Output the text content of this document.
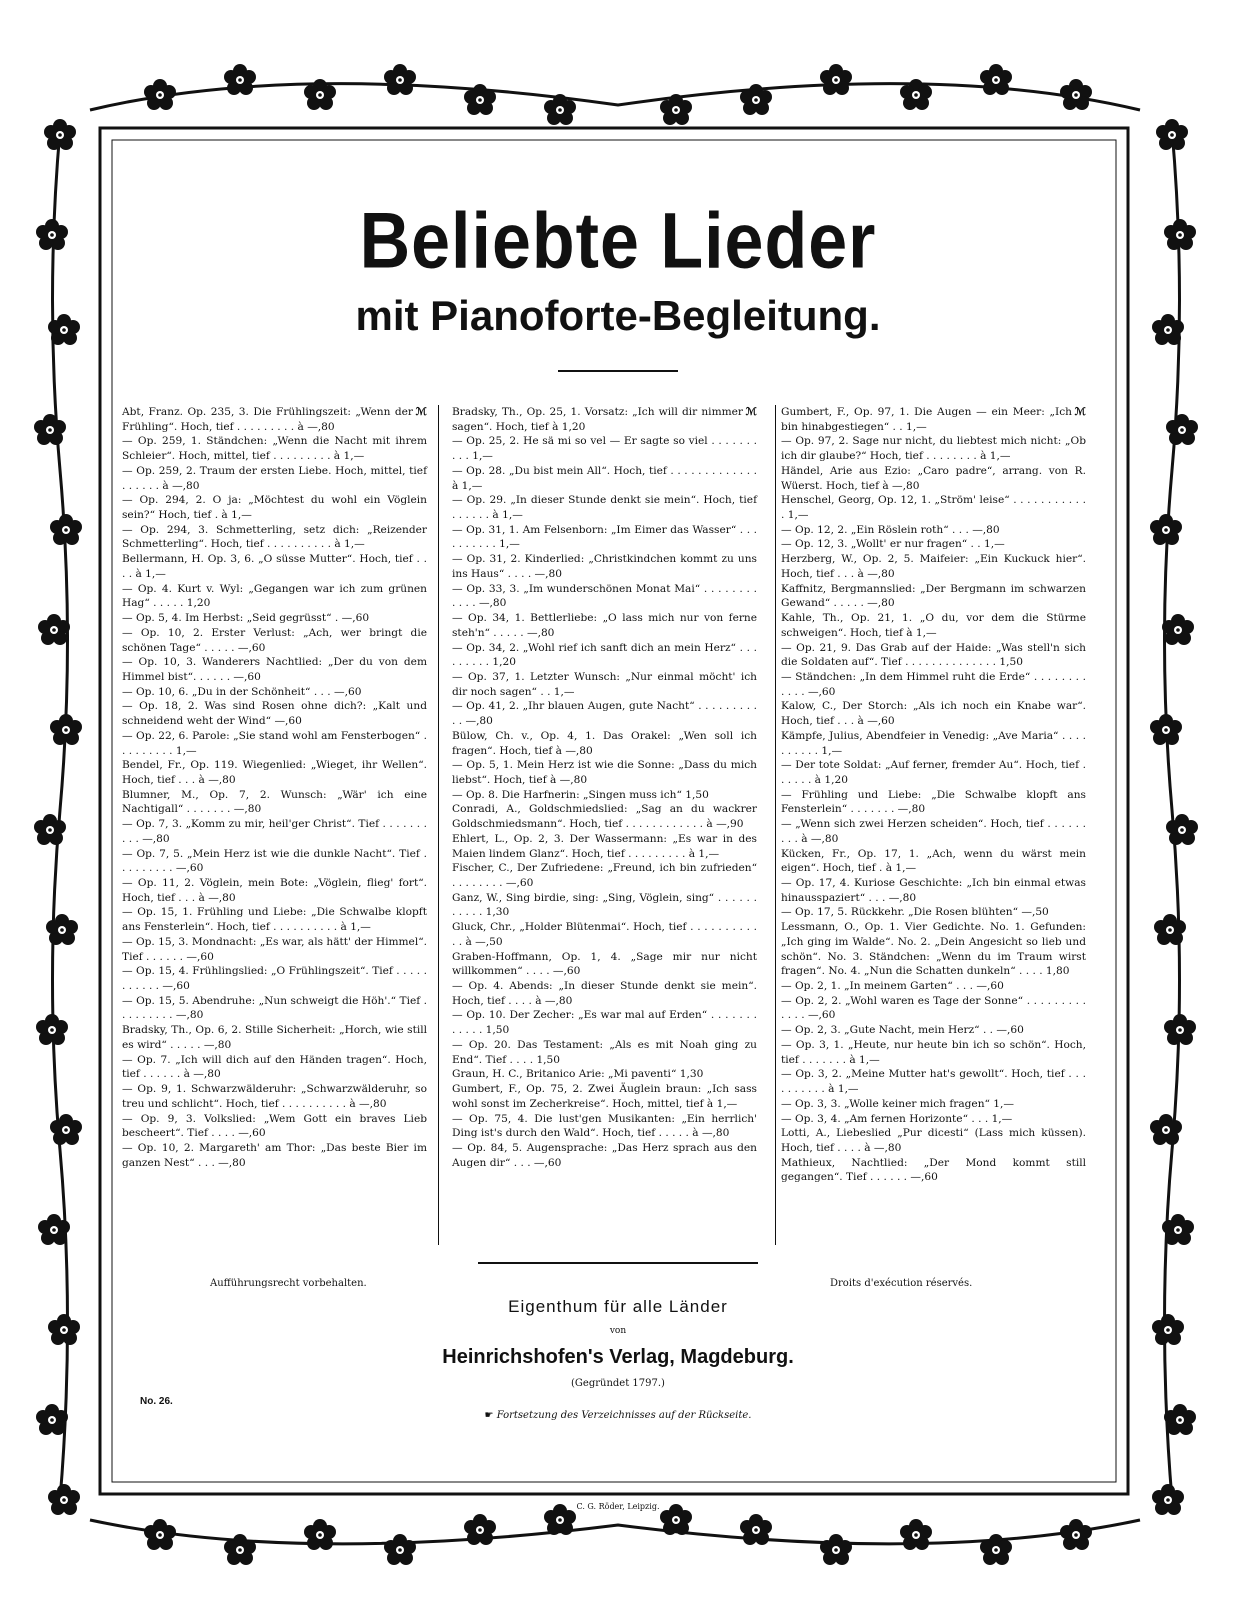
Beliebte Lieder
mit Pianoforte-Begleitung.
ℳ
Abt, Franz. Op. 235, 3. Die Frühlingszeit: „Wenn der Frühling“. Hoch, tief . . . . . . . . . à —,80
— Op. 259, 1. Ständchen: „Wenn die Nacht mit ihrem Schleier“. Hoch, mittel, tief . . . . . . . . . à 1,—
— Op. 259, 2. Traum der ersten Liebe. Hoch, mittel, tief . . . . . . à —,80
— Op. 294, 2. O ja: „Möchtest du wohl ein Vöglein sein?“ Hoch, tief . à 1,—
— Op. 294, 3. Schmetterling, setz dich: „Reizender Schmetterling“. Hoch, tief . . . . . . . . . . à 1,—
Bellermann, H. Op. 3, 6. „O süsse Mutter“. Hoch, tief . . . . à 1,—
— Op. 4. Kurt v. Wyl: „Gegangen war ich zum grünen Hag“ . . . . . 1,20
— Op. 5, 4. Im Herbst: „Seid gegrüsst“ . —,60
— Op. 10, 2. Erster Verlust: „Ach, wer bringt die schönen Tage“ . . . . . —,60
— Op. 10, 3. Wanderers Nachtlied: „Der du von dem Himmel bist“. . . . . . —,60
— Op. 10, 6. „Du in der Schönheit“ . . . —,60
— Op. 18, 2. Was sind Rosen ohne dich?: „Kalt und schneidend weht der Wind“ —,60
— Op. 22, 6. Parole: „Sie stand wohl am Fensterbogen“ . . . . . . . . . 1,—
Bendel, Fr., Op. 119. Wiegenlied: „Wieget, ihr Wellen“. Hoch, tief . . . à —,80
Blumner, M., Op. 7, 2. Wunsch: „Wär' ich eine Nachtigall“ . . . . . . . —,80
— Op. 7, 3. „Komm zu mir, heil'ger Christ“. Tief . . . . . . . . . . —,80
— Op. 7, 5. „Mein Herz ist wie die dunkle Nacht“. Tief . . . . . . . . . —,60
— Op. 11, 2. Vöglein, mein Bote: „Vöglein, flieg' fort“. Hoch, tief . . . à —,80
— Op. 15, 1. Frühling und Liebe: „Die Schwalbe klopft ans Fensterlein“. Hoch, tief . . . . . . . . . . à 1,—
— Op. 15, 3. Mondnacht: „Es war, als hätt' der Himmel“. Tief . . . . . . —,60
— Op. 15, 4. Frühlingslied: „O Frühlingszeit“. Tief . . . . . . . . . . . —,60
— Op. 15, 5. Abendruhe: „Nun schweigt die Höh'.“ Tief . . . . . . . . . —,80
Bradsky, Th., Op. 6, 2. Stille Sicherheit: „Horch, wie still es wird“ . . . . . —,80
— Op. 7. „Ich will dich auf den Händen tragen“. Hoch, tief . . . . . . à —,80
— Op. 9, 1. Schwarzwälderuhr: „Schwarzwälderuhr, so treu und schlicht“. Hoch, tief . . . . . . . . . . à —,80
— Op. 9, 3. Volkslied: „Wem Gott ein braves Lieb bescheert“. Tief . . . . —,60
— Op. 10, 2. Margareth' am Thor: „Das beste Bier im ganzen Nest“ . . . —,80
ℳ
Bradsky, Th., Op. 25, 1. Vorsatz: „Ich will dir nimmer sagen“. Hoch, tief à 1,20
— Op. 25, 2. He sä mi so vel — Er sagte so viel . . . . . . . . . . 1,—
— Op. 28. „Du bist mein All“. Hoch, tief . . . . . . . . . . . . . à 1,—
— Op. 29. „In dieser Stunde denkt sie mein“. Hoch, tief . . . . . . à 1,—
— Op. 31, 1. Am Felsenborn: „Im Eimer das Wasser“ . . . . . . . . . . 1,—
— Op. 31, 2. Kinderlied: „Christkindchen kommt zu uns ins Haus“ . . . . —,80
— Op. 33, 3. „Im wunderschönen Monat Mai“ . . . . . . . . . . . . —,80
— Op. 34, 1. Bettlerliebe: „O lass mich nur von ferne steh'n“ . . . . . —,80
— Op. 34, 2. „Wohl rief ich sanft dich an mein Herz“ . . . . . . . . . 1,20
— Op. 37, 1. Letzter Wunsch: „Nur einmal möcht' ich dir noch sagen“ . . 1,—
— Op. 41, 2. „Ihr blauen Augen, gute Nacht“ . . . . . . . . . . . —,80
Bülow, Ch. v., Op. 4, 1. Das Orakel: „Wen soll ich fragen“. Hoch, tief à —,80
— Op. 5, 1. Mein Herz ist wie die Sonne: „Dass du mich liebst“. Hoch, tief à —,80
— Op. 8. Die Harfnerin: „Singen muss ich“ 1,50
Conradi, A., Goldschmiedslied: „Sag an du wackrer Goldschmiedsmann“. Hoch, tief . . . . . . . . . . . . à —,90
Ehlert, L., Op. 2, 3. Der Wassermann: „Es war in des Maien lindem Glanz“. Hoch, tief . . . . . . . . . à 1,—
Fischer, C., Der Zufriedene: „Freund, ich bin zufrieden“ . . . . . . . . —,60
Ganz, W., Sing birdie, sing: „Sing, Vöglein, sing“ . . . . . . . . . . . 1,30
Gluck, Chr., „Holder Blütenmai“. Hoch, tief . . . . . . . . . . . . à —,50
Graben-Hoffmann, Op. 1, 4. „Sage mir nur nicht willkommen“ . . . . —,60
— Op. 4. Abends: „In dieser Stunde denkt sie mein“. Hoch, tief . . . . à —,80
— Op. 10. Der Zecher: „Es war mal auf Erden“ . . . . . . . . . . . . 1,50
— Op. 20. Das Testament: „Als es mit Noah ging zu End“. Tief . . . . 1,50
Graun, H. C., Britanico Arie: „Mi paventi“ 1,30
Gumbert, F., Op. 75, 2. Zwei Äuglein braun: „Ich sass wohl sonst im Zecherkreise“. Hoch, mittel, tief à 1,—
— Op. 75, 4. Die lust'gen Musikanten: „Ein herrlich' Ding ist's durch den Wald“. Hoch, tief . . . . . à —,80
— Op. 84, 5. Augensprache: „Das Herz sprach aus den Augen dir“ . . . —,60
ℳ
Gumbert, F., Op. 97, 1. Die Augen — ein Meer: „Ich bin hinabgestiegen“ . . 1,—
— Op. 97, 2. Sage nur nicht, du liebtest mich nicht: „Ob ich dir glaube?“ Hoch, tief . . . . . . . . à 1,—
Händel, Arie aus Ezio: „Caro padre“, arrang. von R. Wüerst. Hoch, tief à —,80
Henschel, Georg, Op. 12, 1. „Ström' leise“ . . . . . . . . . . . . 1,—
— Op. 12, 2. „Ein Röslein roth“ . . . —,80
— Op. 12, 3. „Wollt' er nur fragen“ . . 1,—
Herzberg, W., Op. 2, 5. Maifeier: „Ein Kuckuck hier“. Hoch, tief . . . à —,80
Kaffnitz, Bergmannslied: „Der Bergmann im schwarzen Gewand“ . . . . . —,80
Kahle, Th., Op. 21, 1. „O du, vor dem die Stürme schweigen“. Hoch, tief à 1,—
— Op. 21, 9. Das Grab auf der Haide: „Was stell'n sich die Soldaten auf“. Tief . . . . . . . . . . . . . . 1,50
— Ständchen: „In dem Himmel ruht die Erde“ . . . . . . . . . . . . —,60
Kalow, C., Der Storch: „Als ich noch ein Knabe war“. Hoch, tief . . . à —,60
Kämpfe, Julius, Abendfeier in Venedig: „Ave Maria“ . . . . . . . . . . 1,—
— Der tote Soldat: „Auf ferner, fremder Au“. Hoch, tief . . . . . . à 1,20
— Frühling und Liebe: „Die Schwalbe klopft ans Fensterlein“ . . . . . . . —,80
— „Wenn sich zwei Herzen scheiden“. Hoch, tief . . . . . . . . . à —,80
Kücken, Fr., Op. 17, 1. „Ach, wenn du wärst mein eigen“. Hoch, tief . à 1,—
— Op. 17, 4. Kuriose Geschichte: „Ich bin einmal etwas hinausspaziert“ . . . —,80
— Op. 17, 5. Rückkehr. „Die Rosen blühten“ —,50
Lessmann, O., Op. 1. Vier Gedichte. No. 1. Gefunden: „Ich ging im Walde“. No. 2. „Dein Angesicht so lieb und schön“. No. 3. Ständchen: „Wenn du im Traum wirst fragen“. No. 4. „Nun die Schatten dunkeln“ . . . . 1,80
— Op. 2, 1. „In meinem Garten“ . . . —,60
— Op. 2, 2. „Wohl waren es Tage der Sonne“ . . . . . . . . . . . . . —,60
— Op. 2, 3. „Gute Nacht, mein Herz“ . . —,60
— Op. 3, 1. „Heute, nur heute bin ich so schön“. Hoch, tief . . . . . . . à 1,—
— Op. 3, 2. „Meine Mutter hat's gewollt“. Hoch, tief . . . . . . . . . . à 1,—
— Op. 3, 3. „Wolle keiner mich fragen“ 1,—
— Op. 3, 4. „Am fernen Horizonte“ . . . 1,—
Lotti, A., Liebeslied „Pur dicesti“ (Lass mich küssen). Hoch, tief . . . . à —,80
Mathieux, Nachtlied: „Der Mond kommt still gegangen“. Tief . . . . . . —,60
Aufführungsrecht vorbehalten.	Droits d'exécution réservés.
Eigenthum für alle Länder
von
Heinrichshofen's Verlag, Magdeburg.
(Gegründet 1797.)
No. 26.
☛ Fortsetzung des Verzeichnisses auf der Rückseite.
C. G. Röder, Leipzig.
